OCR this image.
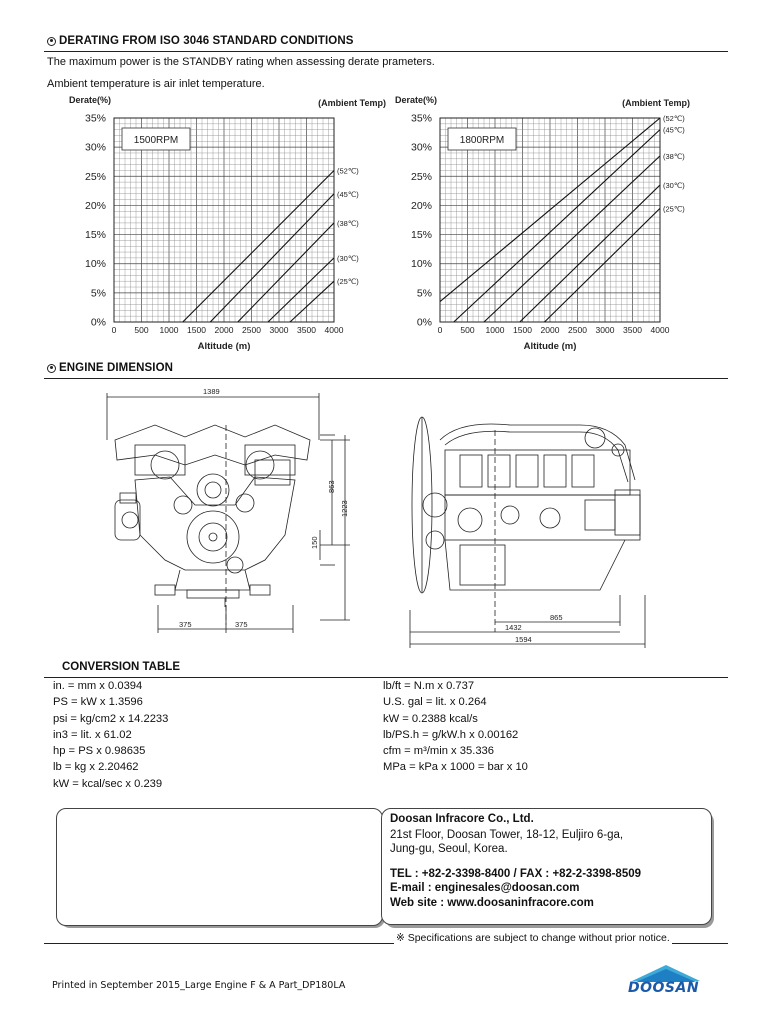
DERATING FROM ISO 3046 STANDARD CONDITIONS
The maximum power is the STANDBY rating when assessing derate prameters.
Ambient temperature is air inlet temperature.
35%
30%
25%
20%
15%
10%
5%
0%
0 500 1000 1500 2000 2500 3000 3500 4000
Derate(%)
Altitude (m)
(Ambient Temp)
1500RPM
(52℃)
(45℃)
(38℃)
(30℃)
(25℃)
35%
30%
25%
20%
15%
10%
5%
0%
0 500 1000 1500 2000 2500 3000 3500 4000
Derate(%)
Altitude (m)
(Ambient Temp)
1800RPM
(52℃)
(45℃)
(38℃)
(30℃)
(25℃)
ENGINE DIMENSION
1389
863
1223
150
375	375
865
1432
1594
CONVERSION TABLE
in. = mm x 0.0394
PS = kW x 1.3596
psi = kg/cm2 x 14.2233
in3 = lit. x 61.02
hp = PS x 0.98635
lb = kg x 2.20462
kW = kcal/sec x 0.239
lb/ft = N.m x 0.737
U.S. gal = lit. x 0.264
kW = 0.2388 kcal/s
lb/PS.h = g/kW.h x 0.00162
cfm = m³/min x 35.336
MPa = kPa x 1000 = bar x 10
Doosan Infracore Co., Ltd.
21st Floor, Doosan Tower, 18-12, Euljiro 6-ga,
Jung-gu, Seoul, Korea.
TEL : +82-2-3398-8400 / FAX : +82-2-3398-8509
E-mail : enginesales@doosan.com
Web site : www.doosaninfracore.com
※ Specifications are subject to change without prior notice.
Printed in September 2015_Large Engine F & A Part_DP180LA	DOOSAN
